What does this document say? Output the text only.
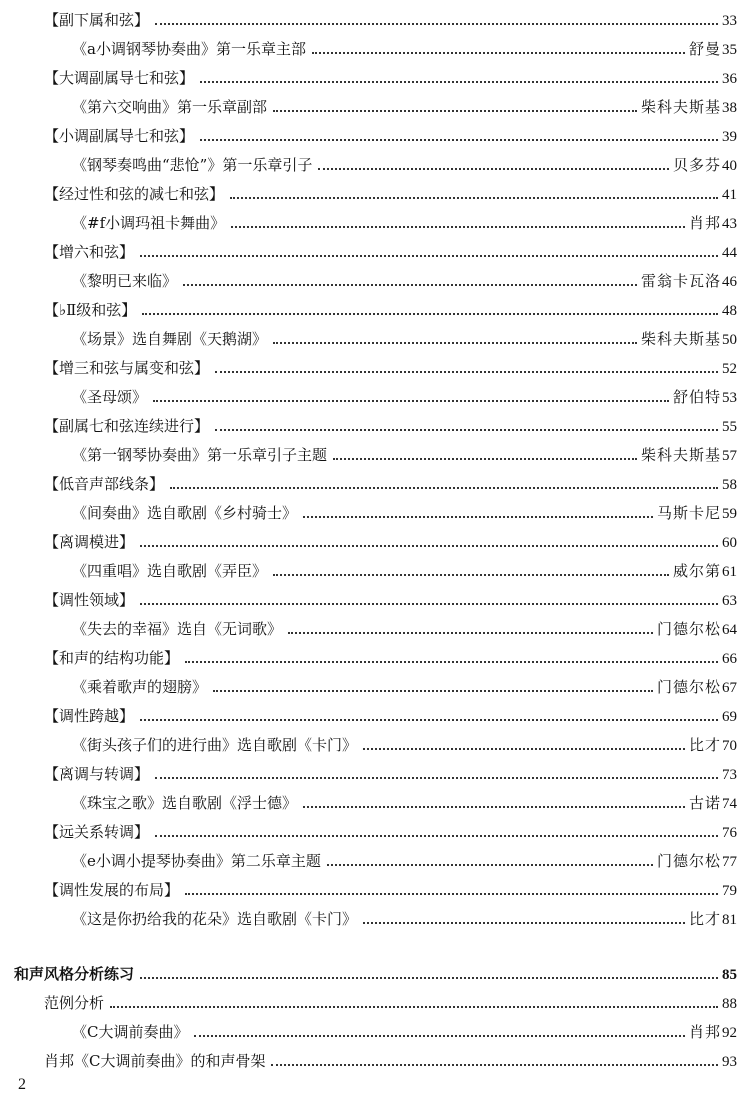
【副下属和弦】	33
《a小调钢琴协奏曲》第一乐章主部	舒曼 35
【大调副属导七和弦】	36
《第六交响曲》第一乐章副部	柴科夫斯基 38
【小调副属导七和弦】	39
《钢琴奏鸣曲“悲怆”》第一乐章引子	贝多芬 40
【经过性和弦的减七和弦】	41
《#f小调玛祖卡舞曲》	肖邦 43
【增六和弦】	44
《黎明已来临》	雷翁卡瓦洛 46
【♭Ⅱ级和弦】	48
《场景》选自舞剧《天鹅湖》	柴科夫斯基 50
【增三和弦与属变和弦】	52
《圣母颂》	舒伯特 53
【副属七和弦连续进行】	55
《第一钢琴协奏曲》第一乐章引子主题	柴科夫斯基 57
【低音声部线条】	58
《间奏曲》选自歌剧《乡村骑士》	马斯卡尼 59
【离调模进】	60
《四重唱》选自歌剧《弄臣》	威尔第 61
【调性领域】	63
《失去的幸福》选自《无词歌》	门德尔松 64
【和声的结构功能】	66
《乘着歌声的翅膀》	门德尔松 67
【调性跨越】	69
《街头孩子们的进行曲》选自歌剧《卡门》	比才 70
【离调与转调】	73
《珠宝之歌》选自歌剧《浮士德》	古诺 74
【远关系转调】	76
《e小调小提琴协奏曲》第二乐章主题	门德尔松 77
【调性发展的布局】	79
《这是你扔给我的花朵》选自歌剧《卡门》	比才 81
和声风格分析练习	85
范例分析	88
《C大调前奏曲》	肖邦 92
肖邦《C大调前奏曲》的和声骨架	93
2
